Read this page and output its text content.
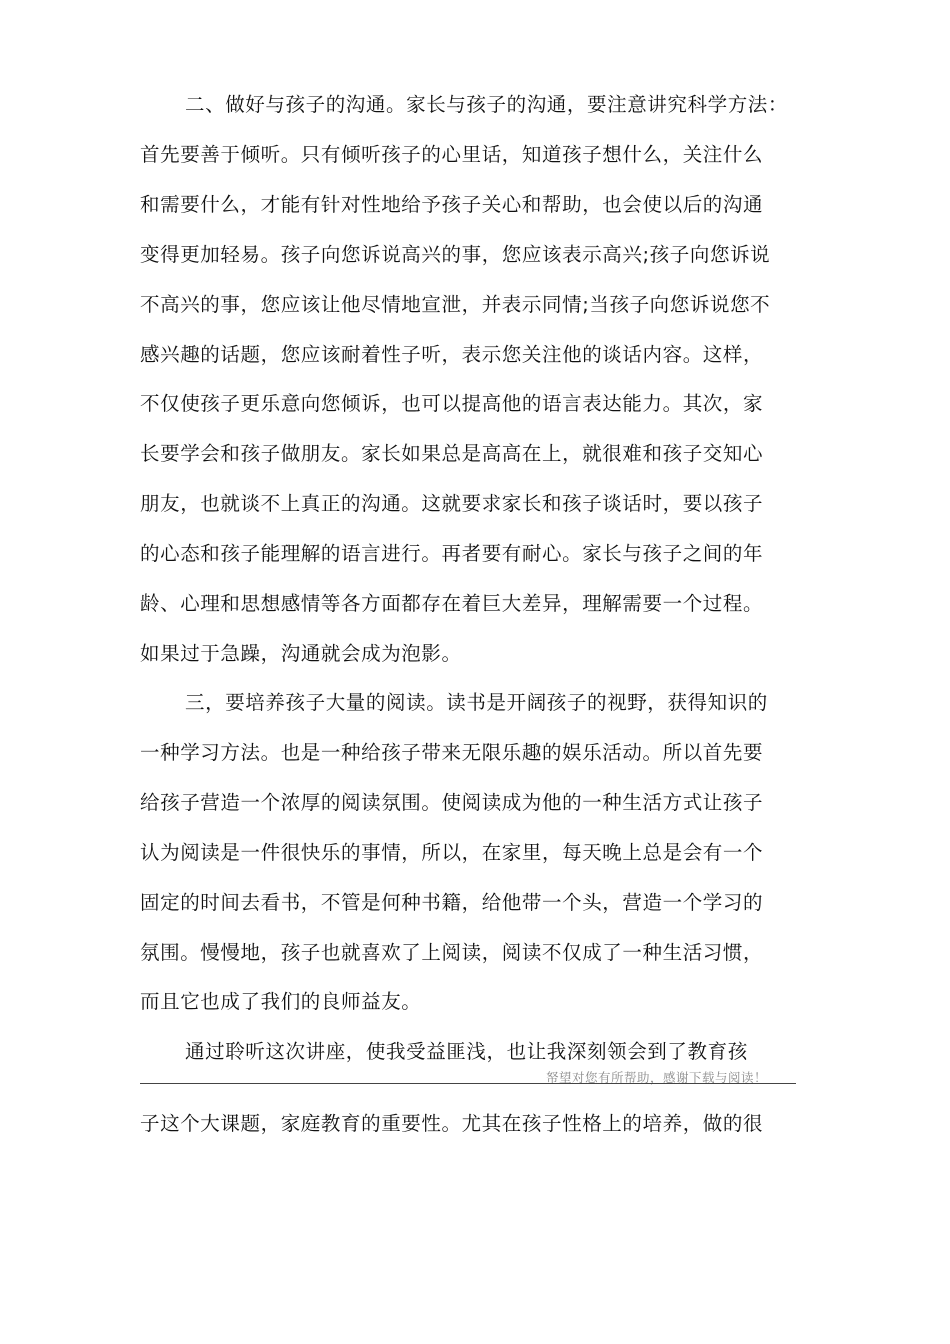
二、做好与孩子的沟通。家长与孩子的沟通，要注意讲究科学方法：
首先要善于倾听。只有倾听孩子的心里话，知道孩子想什么，关注什么
和需要什么，才能有针对性地给予孩子关心和帮助，也会使以后的沟通
变得更加轻易。孩子向您诉说高兴的事，您应该表示高兴;孩子向您诉说
不高兴的事，您应该让他尽情地宣泄，并表示同情;当孩子向您诉说您不
感兴趣的话题，您应该耐着性子听，表示您关注他的谈话内容。这样，
不仅使孩子更乐意向您倾诉，也可以提高他的语言表达能力。其次，家
长要学会和孩子做朋友。家长如果总是高高在上，就很难和孩子交知心
朋友，也就谈不上真正的沟通。这就要求家长和孩子谈话时，要以孩子
的心态和孩子能理解的语言进行。再者要有耐心。家长与孩子之间的年
龄、心理和思想感情等各方面都存在着巨大差异，理解需要一个过程。
如果过于急躁，沟通就会成为泡影。
三，要培养孩子大量的阅读。读书是开阔孩子的视野，获得知识的
一种学习方法。也是一种给孩子带来无限乐趣的娱乐活动。所以首先要
给孩子营造一个浓厚的阅读氛围。使阅读成为他的一种生活方式让孩子
认为阅读是一件很快乐的事情，所以，在家里，每天晚上总是会有一个
固定的时间去看书，不管是何种书籍，给他带一个头，营造一个学习的
氛围。慢慢地，孩子也就喜欢了上阅读，阅读不仅成了一种生活习惯，
而且它也成了我们的良师益友。
通过聆听这次讲座，使我受益匪浅，也让我深刻领会到了教育孩
帑望对您有所帮助，感谢下载与阅读！
子这个大课题，家庭教育的重要性。尤其在孩子性格上的培养，做的很
